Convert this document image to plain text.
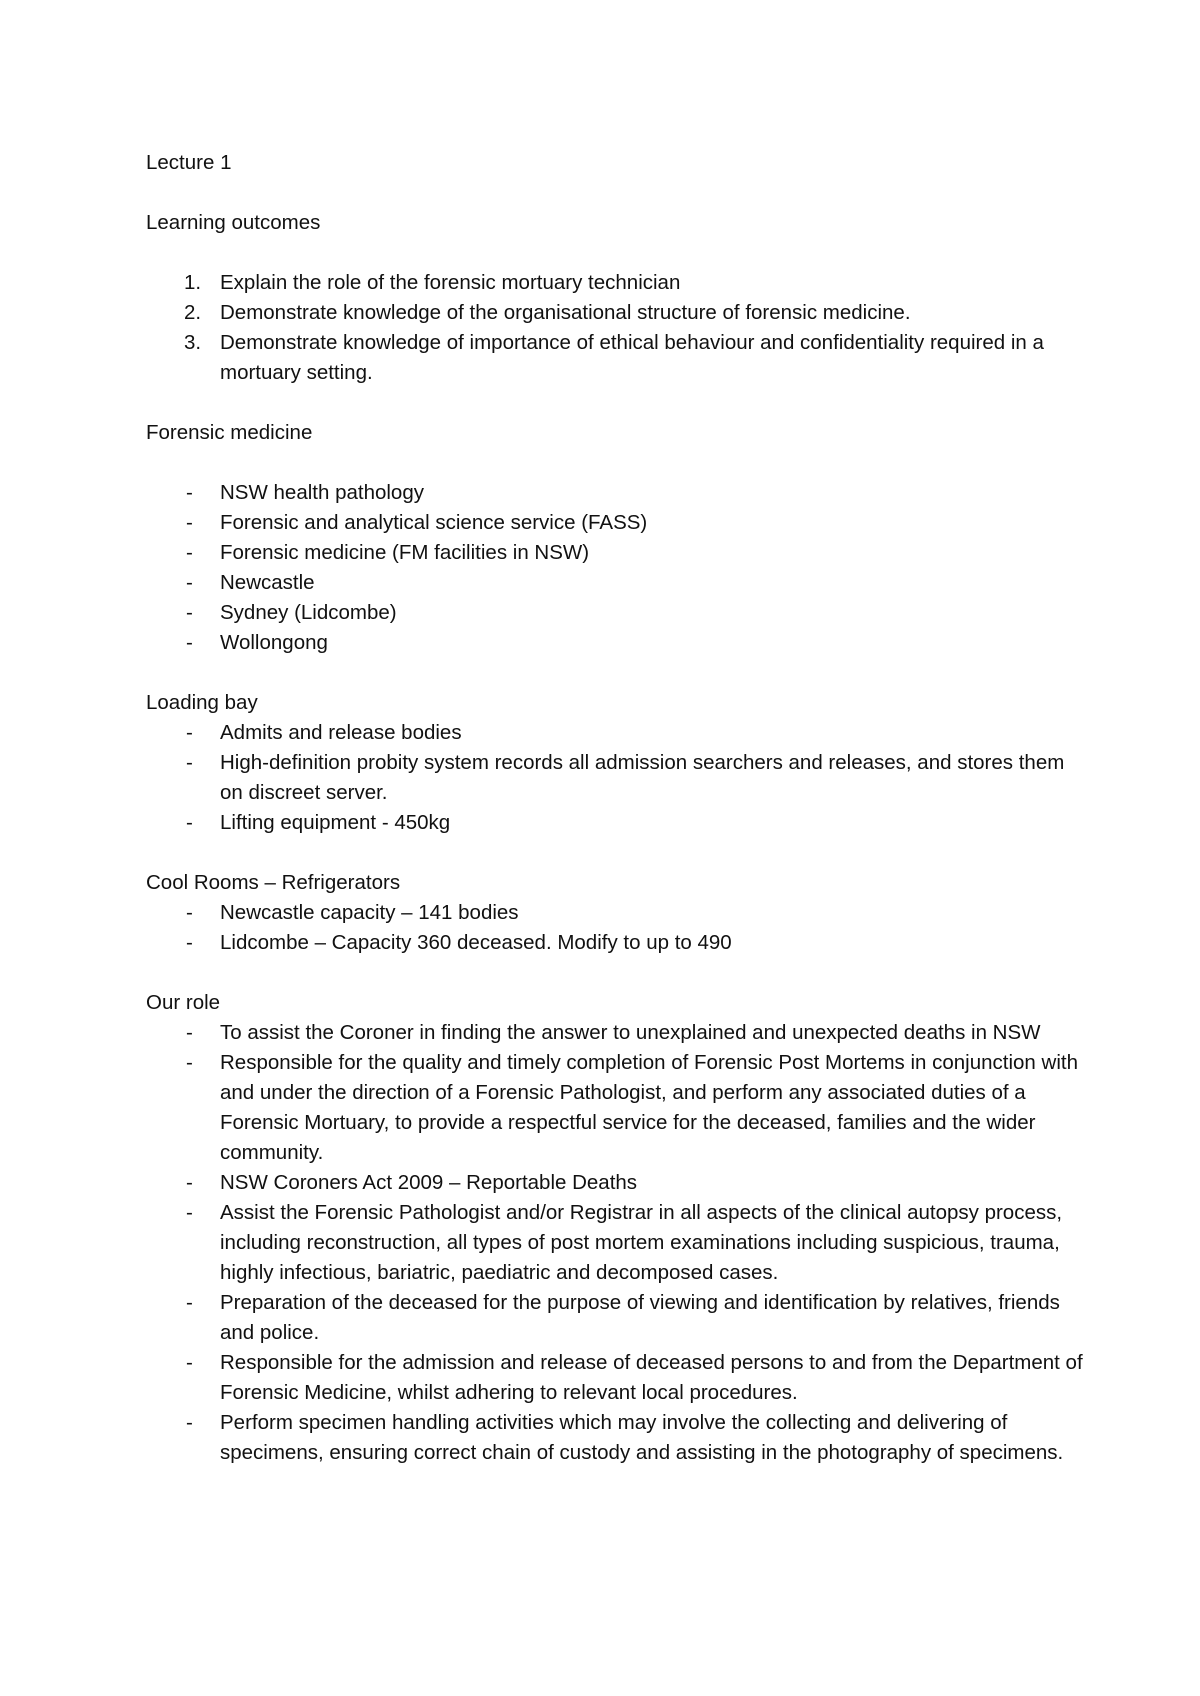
Lecture 1

Learning outcomes

1. Explain the role of the forensic mortuary technician
2. Demonstrate knowledge of the organisational structure of forensic medicine.
3. Demonstrate knowledge of importance of ethical behaviour and confidentiality required in a mortuary setting.

Forensic medicine

- NSW health pathology
- Forensic and analytical science service (FASS)
- Forensic medicine (FM facilities in NSW)
- Newcastle
- Sydney (Lidcombe)
- Wollongong

Loading bay

- Admits and release bodies
- High-definition probity system records all admission searchers and releases, and stores them on discreet server.
- Lifting equipment - 450kg

Cool Rooms – Refrigerators

- Newcastle capacity – 141 bodies
- Lidcombe – Capacity 360 deceased. Modify to up to 490

Our role

- To assist the Coroner in finding the answer to unexplained and unexpected deaths in NSW
- Responsible for the quality and timely completion of Forensic Post Mortems in conjunction with and under the direction of a Forensic Pathologist, and perform any associated duties of a Forensic Mortuary, to provide a respectful service for the deceased, families and the wider community.
- NSW Coroners Act 2009 – Reportable Deaths
- Assist the Forensic Pathologist and/or Registrar in all aspects of the clinical autopsy process, including reconstruction, all types of post mortem examinations including suspicious, trauma, highly infectious, bariatric, paediatric and decomposed cases.
- Preparation of the deceased for the purpose of viewing and identification by relatives, friends and police.
- Responsible for the admission and release of deceased persons to and from the Department of Forensic Medicine, whilst adhering to relevant local procedures.
- Perform specimen handling activities which may involve the collecting and delivering of specimens, ensuring correct chain of custody and assisting in the photography of specimens.
